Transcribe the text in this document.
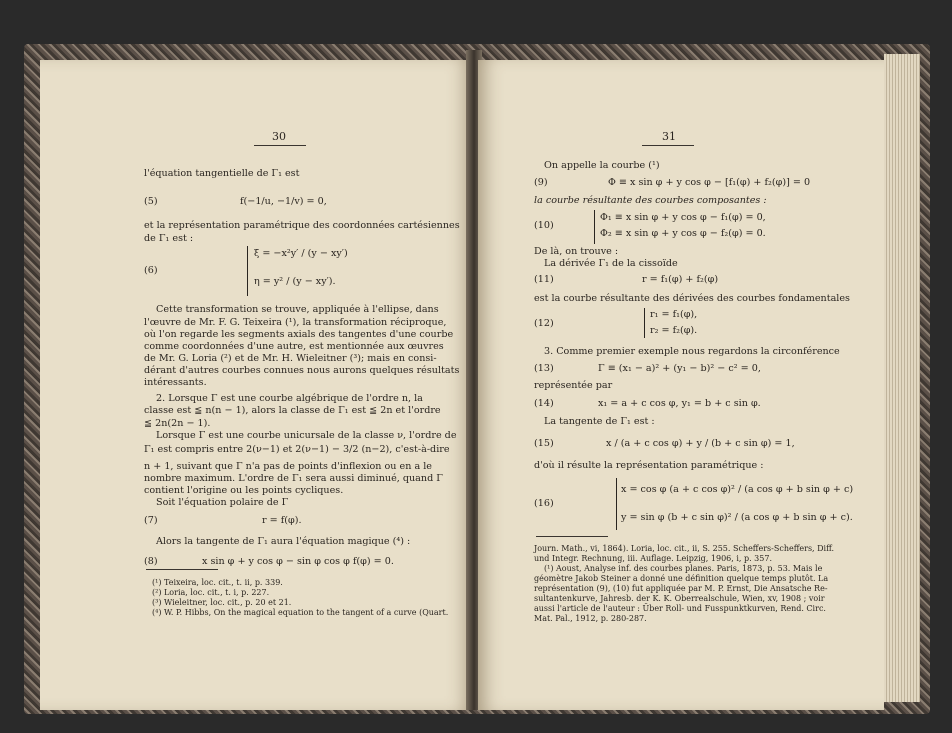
30
l'équation tangentielle de Γ₁ est
(5)	f(−1/u, −1/v) = 0,
et la représentation paramétrique des coordonnées cartésiennes
de Γ₁ est :
(6)
ξ = −x²y′ / (y − xy′)
η = y² / (y − xy′).
Cette transformation se trouve, appliquée à l'ellipse, dans
l'œuvre de Mr. F. G. Teixeira (¹), la transformation réciproque,
où l'on regarde les segments axials des tangentes d'une courbe
comme coordonnées d'une autre, est mentionnée aux œuvres
de Mr. G. Loria (²) et de Mr. H. Wieleitner (³); mais en consi-
dérant d'autres courbes connues nous aurons quelques résultats
intéressants.
2. Lorsque Γ est une courbe algébrique de l'ordre n, la
classe est ≦ n(n − 1), alors la classe de Γ₁ est ≦ 2n et l'ordre
≦ 2n(2n − 1).
Lorsque Γ est une courbe unicursale de la classe ν, l'ordre de
Γ₁ est compris entre 2(ν−1) et 2(ν−1) − 3/2 (n−2), c'est-à-dire
n + 1, suivant que Γ n'a pas de points d'inflexion ou en a le
nombre maximum. L'ordre de Γ₁ sera aussi diminué, quand Γ
contient l'origine ou les points cycliques.
Soit l'équation polaire de Γ
(7)	r = f(φ).
Alors la tangente de Γ₁ aura l'équation magique (⁴) :
(8)	x sin φ + y cos φ − sin φ cos φ f(φ) = 0.
(¹) Teixeira, loc. cit., t. ii, p. 339.
(²) Loria, loc. cit., t. i, p. 227.
(³) Wieleitner, loc. cit., p. 20 et 21.
(⁴) W. P. Hibbs, On the magical equation to the tangent of a curve (Quart.
31
On appelle la courbe (¹)
(9)	Φ ≡ x sin φ + y cos φ − [f₁(φ) + f₂(φ)] = 0
la courbe résultante des courbes composantes :
(10)
Φ₁ ≡ x sin φ + y cos φ − f₁(φ) = 0,
Φ₂ ≡ x sin φ + y cos φ − f₂(φ) = 0.
De là, on trouve :
La dérivée Γ₁ de la cissoïde
(11)	r = f₁(φ) + f₂(φ)
est la courbe résultante des dérivées des courbes fondamentales
(12)
r₁ = f₁(φ),
r₂ = f₂(φ).
3. Comme premier exemple nous regardons la circonférence
(13)	Γ ≡ (x₁ − a)² + (y₁ − b)² − c² = 0,
représentée par
(14)	x₁ = a + c cos φ, y₁ = b + c sin φ.
La tangente de Γ₁ est :
(15)	x / (a + c cos φ) + y / (b + c sin φ) = 1,
d'où il résulte la représentation paramétrique :
(16)
x = cos φ (a + c cos φ)² / (a cos φ + b sin φ + c)
y = sin φ (b + c sin φ)² / (a cos φ + b sin φ + c).
Journ. Math., vi, 1864). Loria, loc. cit., ii, S. 255. Scheffers-Scheffers, Diff.
und Integr. Rechnung, iii. Auflage. Leipzig, 1906, i, p. 357.
(¹) Aoust, Analyse inf. des courbes planes. Paris, 1873, p. 53. Mais le
géomètre Jakob Steiner a donné une définition quelque temps plutôt. La
représentation (9), (10) fut appliquée par M. P. Ernst, Die Ansatsche Re-
sultantenkurve, Jahresb. der K. K. Oberrealschule, Wien, xv, 1908 ; voir
aussi l'article de l'auteur : Über Roll- und Fusspunktkurven, Rend. Circ.
Mat. Pal., 1912, p. 280-287.
